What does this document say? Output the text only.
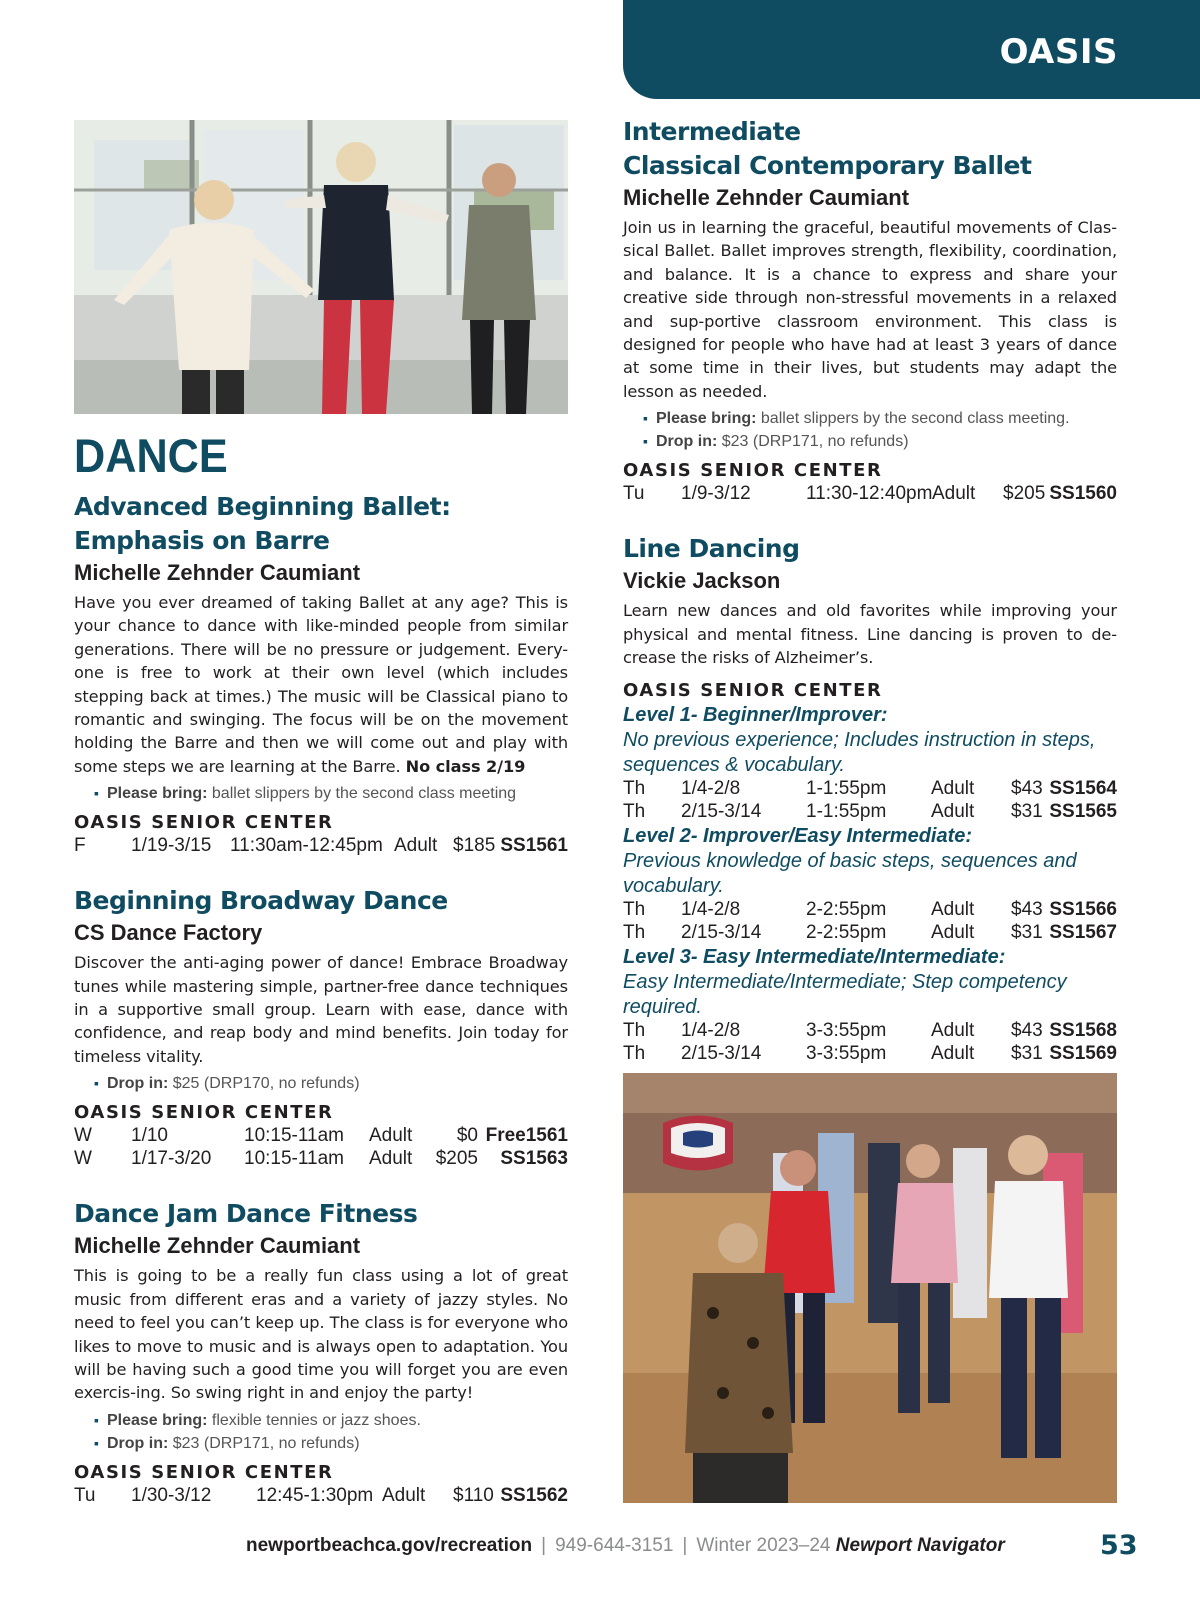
OASIS
DANCE
Advanced Beginning Ballet:
Emphasis on Barre
Michelle Zehnder Caumiant

Have you ever dreamed of taking Ballet at any age? This is your chance to dance with like-minded people from similar generations. There will be no pressure or judgement. Every-one is free to work at their own level (which includes stepping back at times.) The music will be Classical piano to romantic and swinging. The focus will be on the movement holding the Barre and then we will come out and play with some steps we are learning at the Barre. No class 2/19

▪ Please bring: ballet slippers by the second class meeting
OASIS SENIOR CENTER
F 1/19-3/15 11:30am-12:45pm Adult $185 SS1561
Beginning Broadway Dance
CS Dance Factory

Discover the anti-aging power of dance! Embrace Broadway tunes while mastering simple, partner-free dance techniques in a supportive small group. Learn with ease, dance with confidence, and reap body and mind benefits. Join today for timeless vitality.

▪ Drop in: $25 (DRP170, no refunds)
OASIS SENIOR CENTER
W 1/10	10:15-11am Adult $0 Free1561
W 1/17-3/20 10:15-11am Adult $205 SS1563
Dance Jam Dance Fitness
Michelle Zehnder Caumiant

This is going to be a really fun class using a lot of great music from different eras and a variety of jazzy styles. No need to feel you can’t keep up. The class is for everyone who likes to move to music and is always open to adaptation. You will be having such a good time you will forget you are even exercis-ing. So swing right in and enjoy the party!

▪ Please bring: flexible tennies or jazz shoes.
▪ Drop in: $23 (DRP171, no refunds)
OASIS SENIOR CENTER
Tu 1/30-3/12 12:45-1:30pm Adult $110 SS1562
Intermediate
Classical Contemporary Ballet
Michelle Zehnder Caumiant

Join us in learning the graceful, beautiful movements of Clas-sical Ballet. Ballet improves strength, flexibility, coordination, and balance. It is a chance to express and share your creative side through non-stressful movements in a relaxed and sup-portive classroom environment. This class is designed for people who have had at least 3 years of dance at some time in their lives, but students may adapt the lesson as needed.

▪ Please bring: ballet slippers by the second class meeting.
▪ Drop in: $23 (DRP171, no refunds)
OASIS SENIOR CENTER
Tu 1/9-3/12	11:30-12:40pm Adult $205 SS1560
Line Dancing
Vickie Jackson

Learn new dances and old favorites while improving your physical and mental fitness. Line dancing is proven to de-crease the risks of Alzheimer’s.

OASIS SENIOR CENTER
Level 1- Beginner/Improver:
No previous experience; Includes instruction in steps,
sequences & vocabulary.
Th 1/4-2/8	1-1:55pm Adult $43 SS1564
Th 2/15-3/14 1-1:55pm Adult $31 SS1565
Level 2- Improver/Easy Intermediate:
Previous knowledge of basic steps, sequences and
vocabulary.
Th 1/4-2/8	2-2:55pm Adult $43 SS1566
Th 2/15-3/14 2-2:55pm Adult $31 SS1567
Level 3- Easy Intermediate/Intermediate:
Easy Intermediate/Intermediate; Step competency
required.
Th 1/4-2/8	3-3:55pm Adult $43 SS1568
Th 2/15-3/14 3-3:55pm Adult $31 SS1569
newportbeachca.gov/recreation | 949-644-3151 | Winter 2023–24 Newport Navigator	53
